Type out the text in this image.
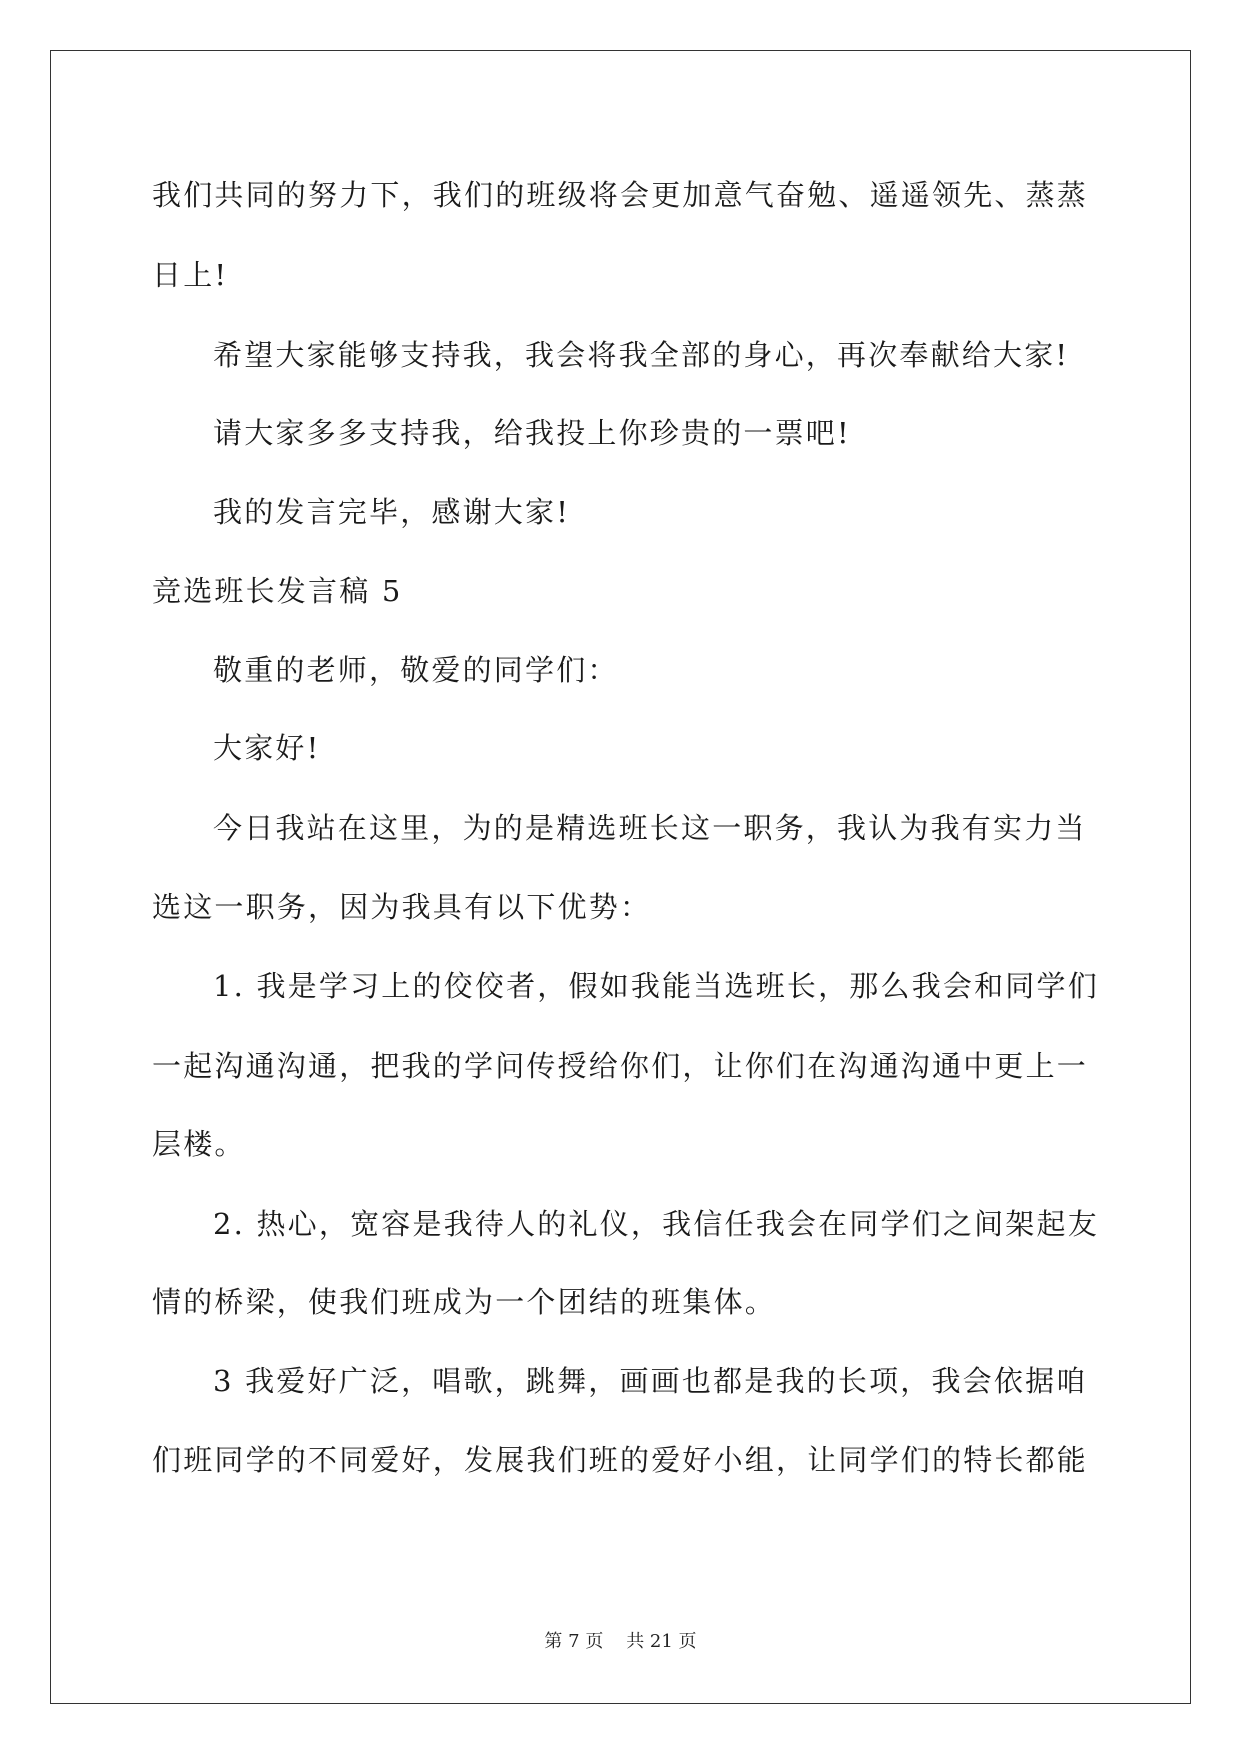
我们共同的努力下，我们的班级将会更加意气奋勉、遥遥领先、蒸蒸
日上!
希望大家能够支持我，我会将我全部的身心，再次奉献给大家!
请大家多多支持我，给我投上你珍贵的一票吧!
我的发言完毕，感谢大家!
竞选班长发言稿 5
敬重的老师，敬爱的同学们：
大家好!
今日我站在这里，为的是精选班长这一职务，我认为我有实力当
选这一职务，因为我具有以下优势：
1. 我是学习上的佼佼者，假如我能当选班长，那么我会和同学们
一起沟通沟通，把我的学问传授给你们，让你们在沟通沟通中更上一
层楼。
2. 热心，宽容是我待人的礼仪，我信任我会在同学们之间架起友
情的桥梁，使我们班成为一个团结的班集体。
3 我爱好广泛，唱歌，跳舞，画画也都是我的长项，我会依据咱
们班同学的不同爱好，发展我们班的爱好小组，让同学们的特长都能
第 7 页    共 21 页
